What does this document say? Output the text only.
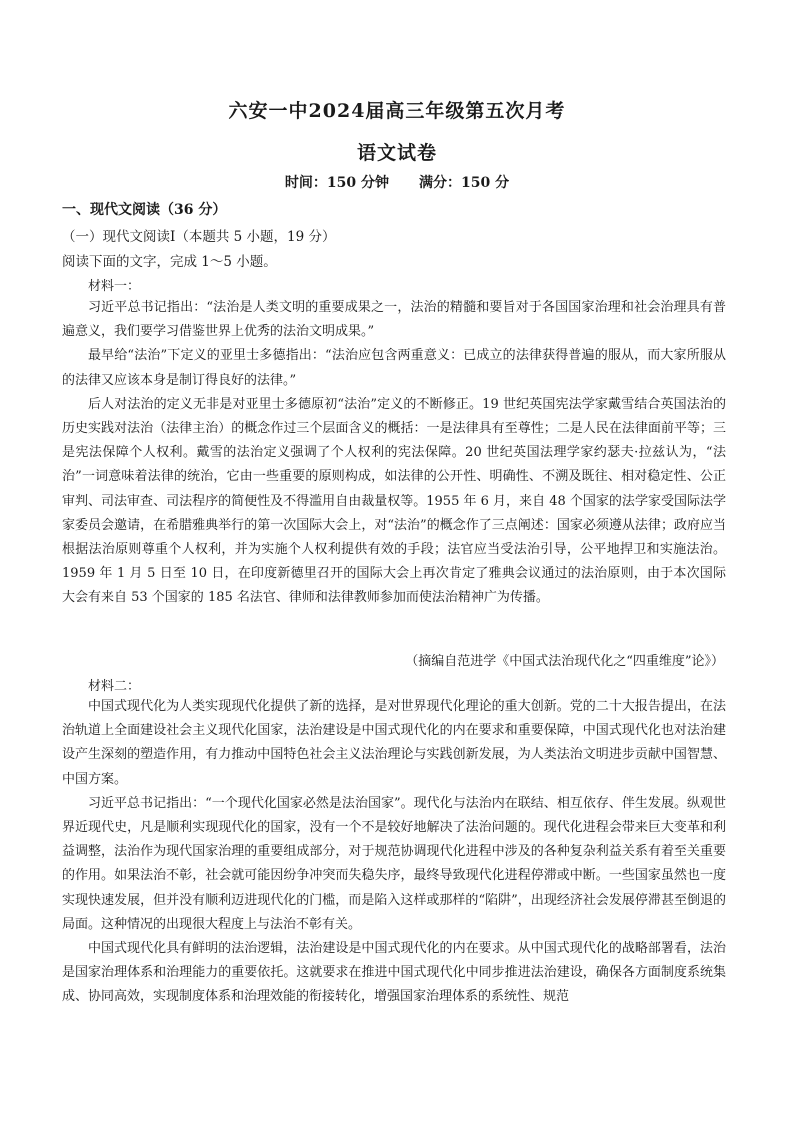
六安一中2024届高三年级第五次月考
语文试卷
时间：150 分钟 满分：150 分
一、现代文阅读（36 分）
（一）现代文阅读Ⅰ（本题共 5 小题，19 分）
阅读下面的文字，完成 1～5 小题。
材料一：

习近平总书记指出：“法治是人类文明的重要成果之一，法治的精髓和要旨对于各国国家治理和社会治理具有普遍意义，我们要学习借鉴世界上优秀的法治文明成果。”

最早给“法治”下定义的亚里士多德指出：“法治应包含两重意义：已成立的法律获得普遍的服从，而大家所服从的法律又应该本身是制订得良好的法律。”

后人对法治的定义无非是对亚里士多德原初“法治”定义的不断修正。19 世纪英国宪法学家戴雪结合英国法治的历史实践对法治（法律主治）的概念作过三个层面含义的概括：一是法律具有至尊性；二是人民在法律面前平等；三是宪法保障个人权利。戴雪的法治定义强调了个人权利的宪法保障。20 世纪英国法理学家约瑟夫·拉兹认为，“法治”一词意味着法律的统治，它由一些重要的原则构成，如法律的公开性、明确性、不溯及既往、相对稳定性、公正审判、司法审查、司法程序的简便性及不得滥用自由裁量权等。1955 年 6 月，来自 48 个国家的法学家受国际法学家委员会邀请，在希腊雅典举行的第一次国际大会上，对“法治”的概念作了三点阐述：国家必须遵从法律；政府应当根据法治原则尊重个人权利，并为实施个人权利提供有效的手段；法官应当受法治引导，公平地捍卫和实施法治。1959 年 1 月 5 日至 10 日，在印度新德里召开的国际大会上再次肯定了雅典会议通过的法治原则，由于本次国际大会有来自 53 个国家的 185 名法官、律师和法律教师参加而使法治精神广为传播。

（摘编自范进学《中国式法治现代化之“四重维度”论》）
材料二：

中国式现代化为人类实现现代化提供了新的选择，是对世界现代化理论的重大创新。党的二十大报告提出，在法治轨道上全面建设社会主义现代化国家，法治建设是中国式现代化的内在要求和重要保障，中国式现代化也对法治建设产生深刻的塑造作用，有力推动中国特色社会主义法治理论与实践创新发展，为人类法治文明进步贡献中国智慧、中国方案。

习近平总书记指出：“一个现代化国家必然是法治国家”。现代化与法治内在联结、相互依存、伴生发展。纵观世界近现代史，凡是顺利实现现代化的国家，没有一个不是较好地解决了法治问题的。现代化进程会带来巨大变革和利益调整，法治作为现代国家治理的重要组成部分，对于规范协调现代化进程中涉及的各种复杂利益关系有着至关重要的作用。如果法治不彰，社会就可能因纷争冲突而失稳失序，最终导致现代化进程停滞或中断。一些国家虽然也一度实现快速发展，但并没有顺利迈进现代化的门槛，而是陷入这样或那样的“陷阱”，出现经济社会发展停滞甚至倒退的局面。这种情况的出现很大程度上与法治不彰有关。

中国式现代化具有鲜明的法治逻辑，法治建设是中国式现代化的内在要求。从中国式现代化的战略部署看，法治是国家治理体系和治理能力的重要依托。这就要求在推进中国式现代化中同步推进法治建设，确保各方面制度系统集成、协同高效，实现制度体系和治理效能的衔接转化，增强国家治理体系的系统性、规范
